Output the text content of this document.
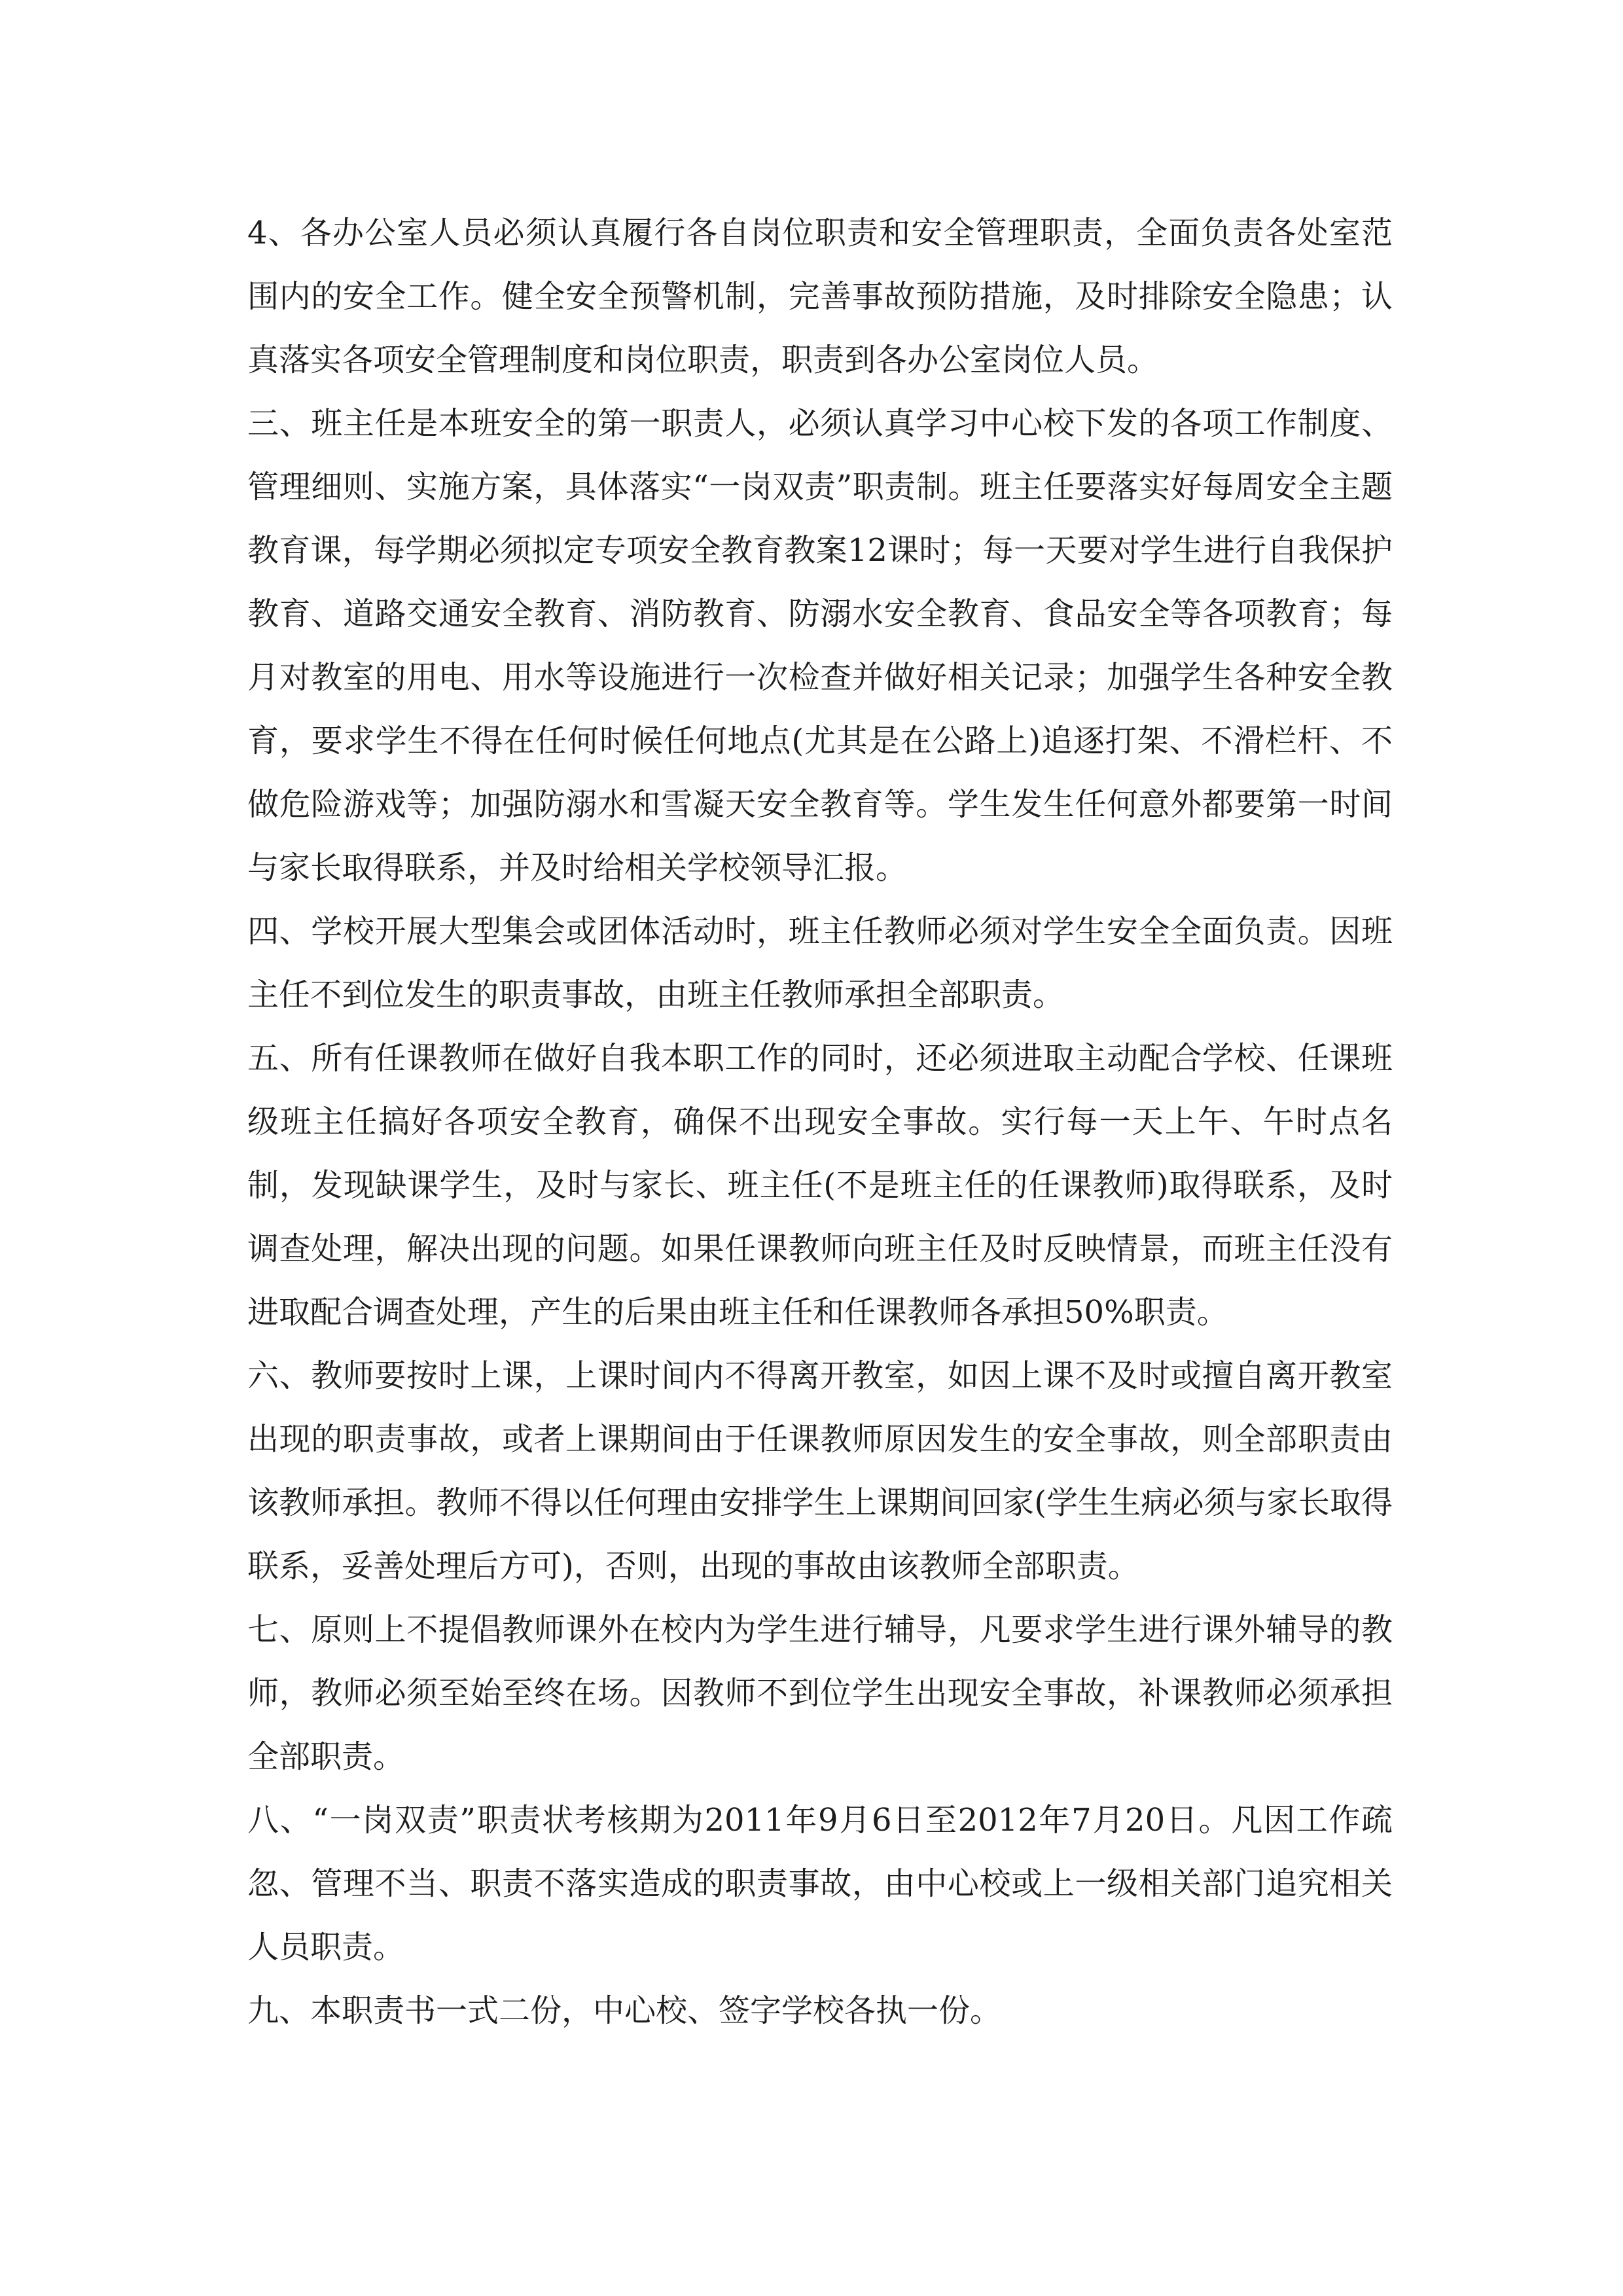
4、各办公室人员必须认真履行各自岗位职责和安全管理职责，全面负责各处室范围内的安全工作。健全安全预警机制，完善事故预防措施，及时排除安全隐患；认真落实各项安全管理制度和岗位职责，职责到各办公室岗位人员。

三、班主任是本班安全的第一职责人，必须认真学习中心校下发的各项工作制度、管理细则、实施方案，具体落实“一岗双责”职责制。班主任要落实好每周安全主题教育课，每学期必须拟定专项安全教育教案12课时；每一天要对学生进行自我保护教育、道路交通安全教育、消防教育、防溺水安全教育、食品安全等各项教育；每月对教室的用电、用水等设施进行一次检查并做好相关记录；加强学生各种安全教育，要求学生不得在任何时候任何地点(尤其是在公路上)追逐打架、不滑栏杆、不做危险游戏等；加强防溺水和雪凝天安全教育等。学生发生任何意外都要第一时间与家长取得联系，并及时给相关学校领导汇报。

四、学校开展大型集会或团体活动时，班主任教师必须对学生安全全面负责。因班主任不到位发生的职责事故，由班主任教师承担全部职责。

五、所有任课教师在做好自我本职工作的同时，还必须进取主动配合学校、任课班级班主任搞好各项安全教育，确保不出现安全事故。实行每一天上午、午时点名制，发现缺课学生，及时与家长、班主任(不是班主任的任课教师)取得联系，及时调查处理，解决出现的问题。如果任课教师向班主任及时反映情景，而班主任没有进取配合调查处理，产生的后果由班主任和任课教师各承担50%职责。

六、教师要按时上课，上课时间内不得离开教室，如因上课不及时或擅自离开教室出现的职责事故，或者上课期间由于任课教师原因发生的安全事故，则全部职责由该教师承担。教师不得以任何理由安排学生上课期间回家(学生生病必须与家长取得联系，妥善处理后方可)，否则，出现的事故由该教师全部职责。

七、原则上不提倡教师课外在校内为学生进行辅导，凡要求学生进行课外辅导的教师，教师必须至始至终在场。因教师不到位学生出现安全事故，补课教师必须承担全部职责。

八、“一岗双责”职责状考核期为2011年9月6日至2012年7月20日。凡因工作疏忽、管理不当、职责不落实造成的职责事故，由中心校或上一级相关部门追究相关人员职责。

九、本职责书一式二份，中心校、签字学校各执一份。
